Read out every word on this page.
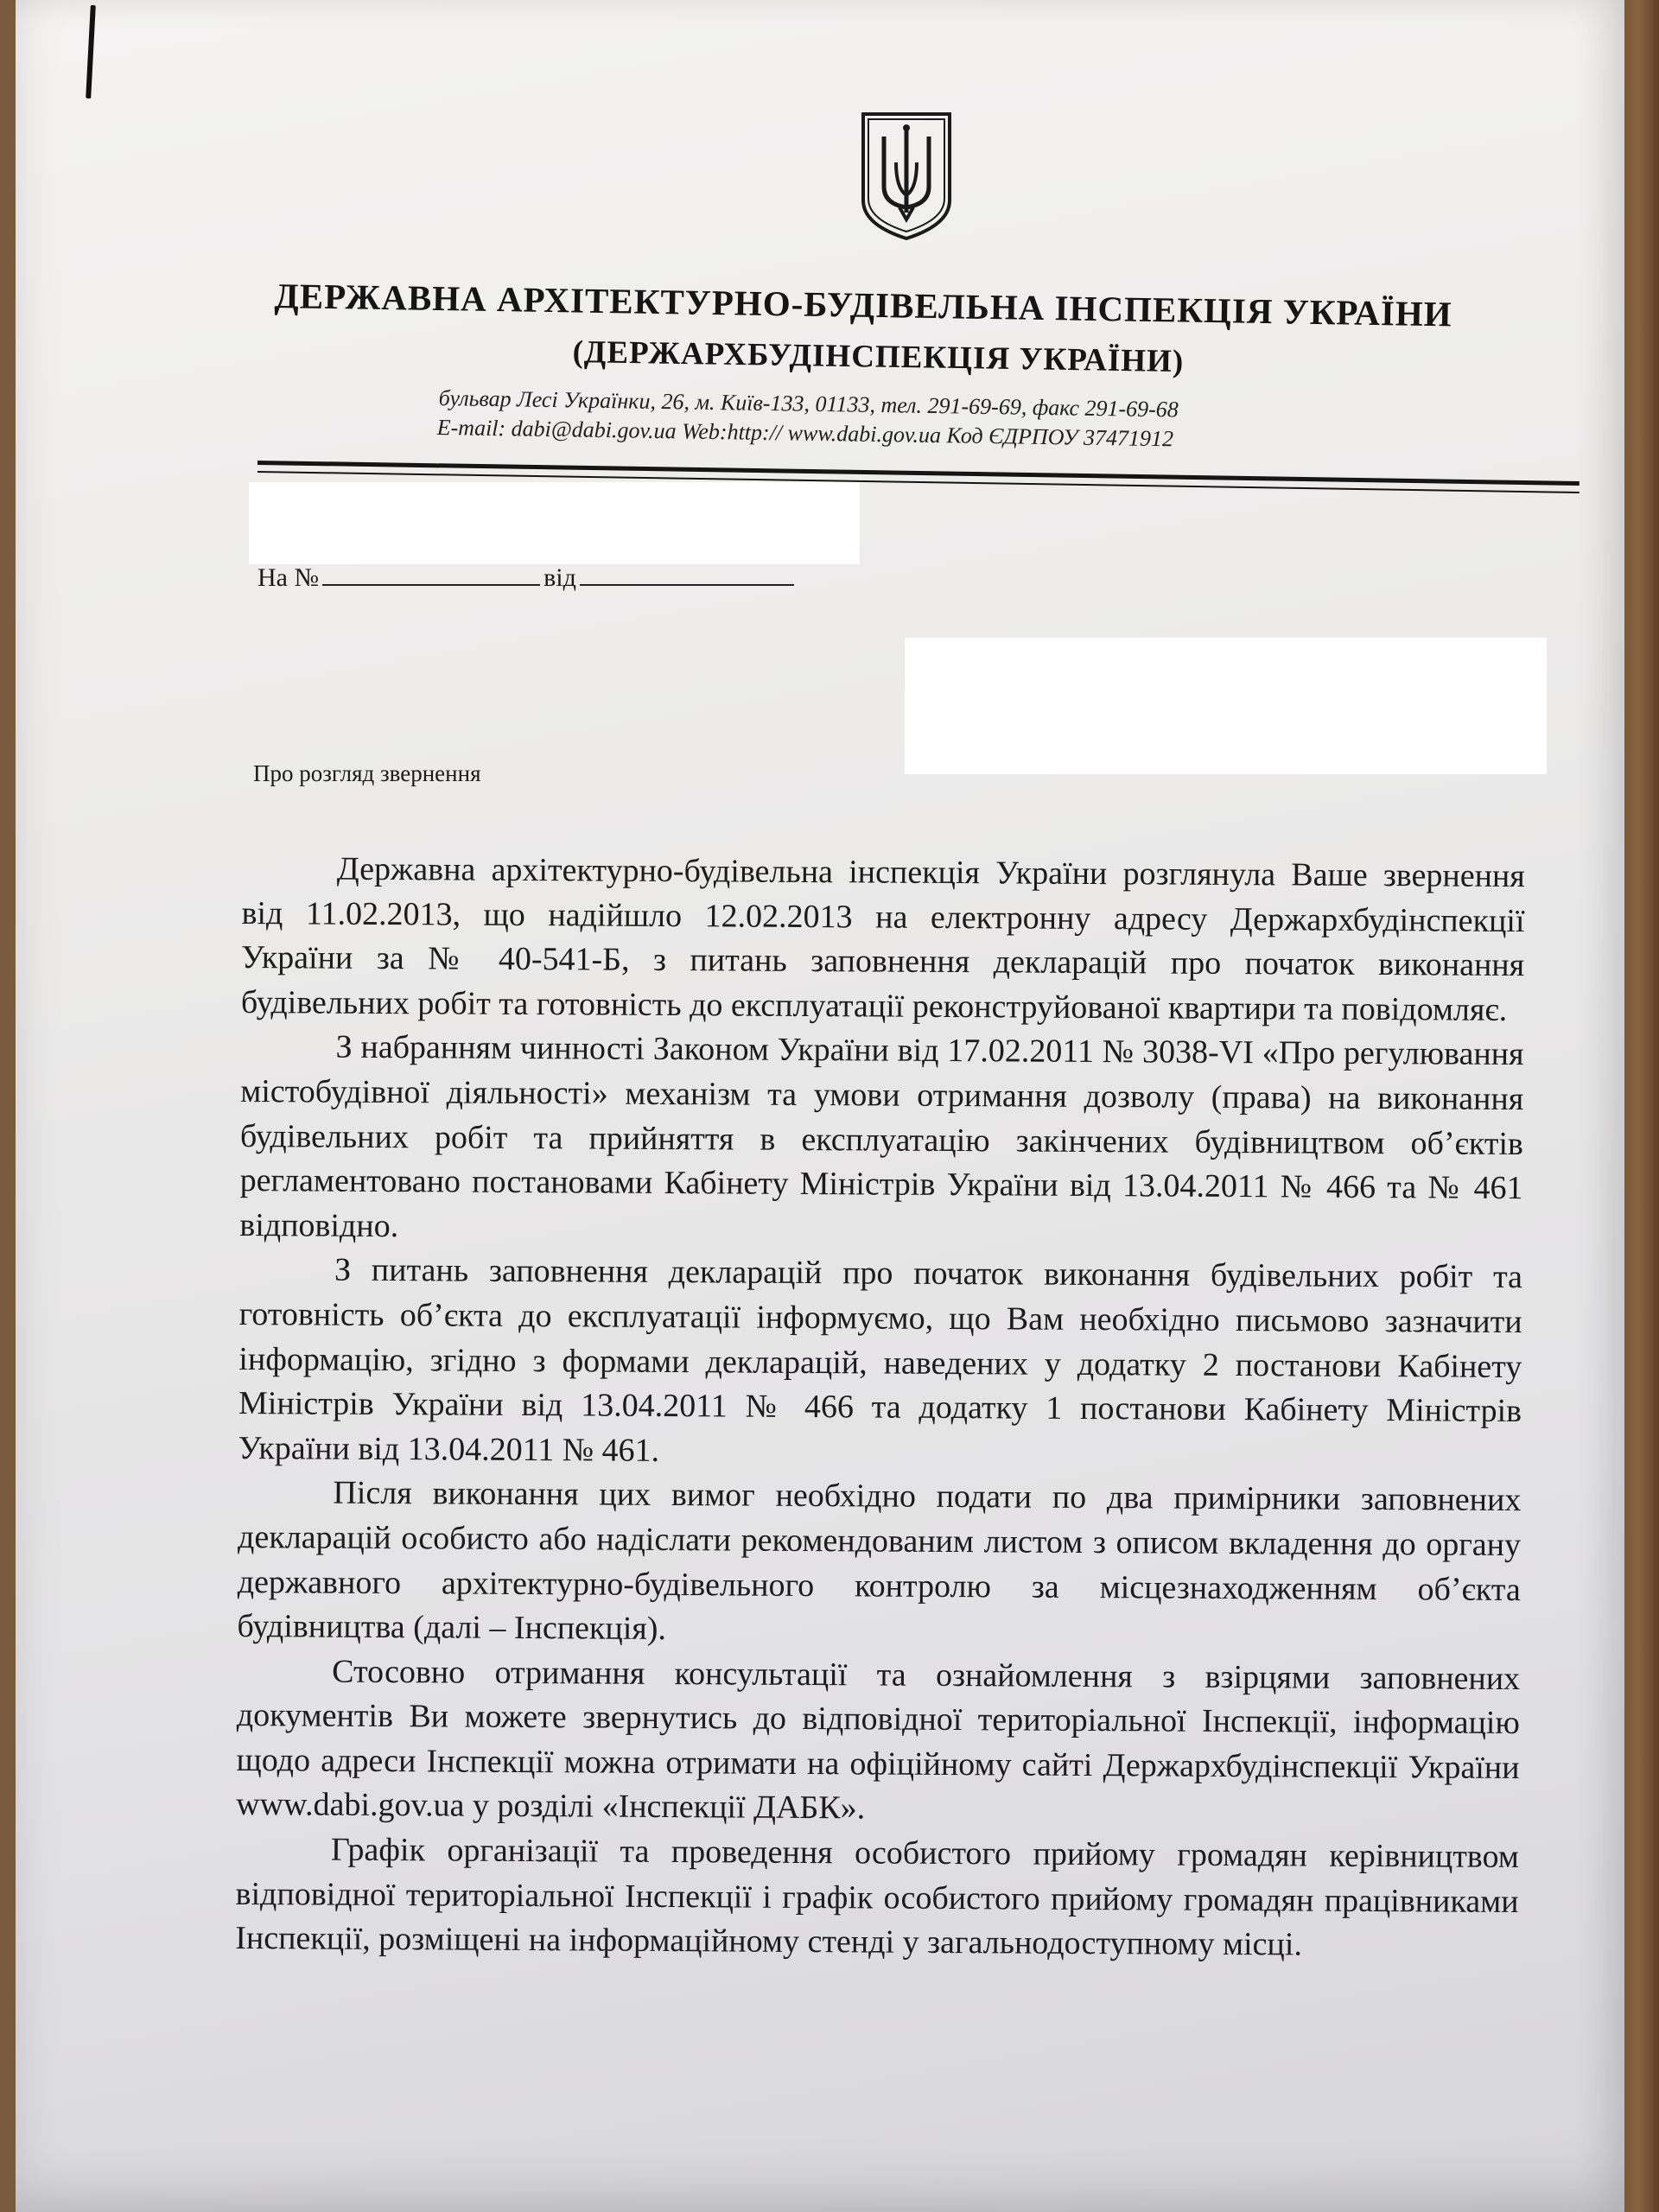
ДЕРЖАВНА АРХІТЕКТУРНО-БУДІВЕЛЬНА ІНСПЕКЦІЯ УКРАЇНИ
(ДЕРЖАРХБУДІНСПЕКЦІЯ УКРАЇНИ)
бульвар Лесі Українки, 26, м. Київ-133, 01133, тел. 291-69-69, факс 291-69-68
E-mail: dabi@dabi.gov.ua Web:http:// www.dabi.gov.ua Код ЄДРПОУ 37471912
На №	від
Про розгляд звернення

Державна архітектурно-будівельна інспекція України розглянула Ваше звернення від 11.02.2013, що надійшло 12.02.2013 на електронну адресу Держархбудінспекції України за № 40-541-Б, з питань заповнення декларацій про початок виконання будівельних робіт та готовність до експлуатації реконструйованої квартири та повідомляє.

З набранням чинності Законом України від 17.02.2011 № 3038-VI «Про регулювання містобудівної діяльності» механізм та умови отримання дозволу (права) на виконання будівельних робіт та прийняття в експлуатацію закінчених будівництвом об’єктів регламентовано постановами Кабінету Міністрів України від 13.04.2011 № 466 та № 461 відповідно.

З питань заповнення декларацій про початок виконання будівельних робіт та готовність об’єкта до експлуатації інформуємо, що Вам необхідно письмово зазначити інформацію, згідно з формами декларацій, наведених у додатку 2 постанови Кабінету Міністрів України від 13.04.2011 № 466 та додатку 1 постанови Кабінету Міністрів України від 13.04.2011 № 461.

Після виконання цих вимог необхідно подати по два примірники заповнених декларацій особисто або надіслати рекомендованим листом з описом вкладення до органу державного архітектурно-будівельного контролю за місцезнаходженням об’єкта будівництва (далі – Інспекція).

Стосовно отримання консультації та ознайомлення з взірцями заповнених документів Ви можете звернутись до відповідної територіальної Інспекції, інформацію щодо адреси Інспекції можна отримати на офіційному сайті Держархбудінспекції України www.dabi.gov.ua у розділі «Інспекції ДАБК».

Графік організації та проведення особистого прийому громадян керівництвом відповідної територіальної Інспекції і графік особистого прийому громадян працівниками Інспекції, розміщені на інформаційному стенді у загальнодоступному місці.
